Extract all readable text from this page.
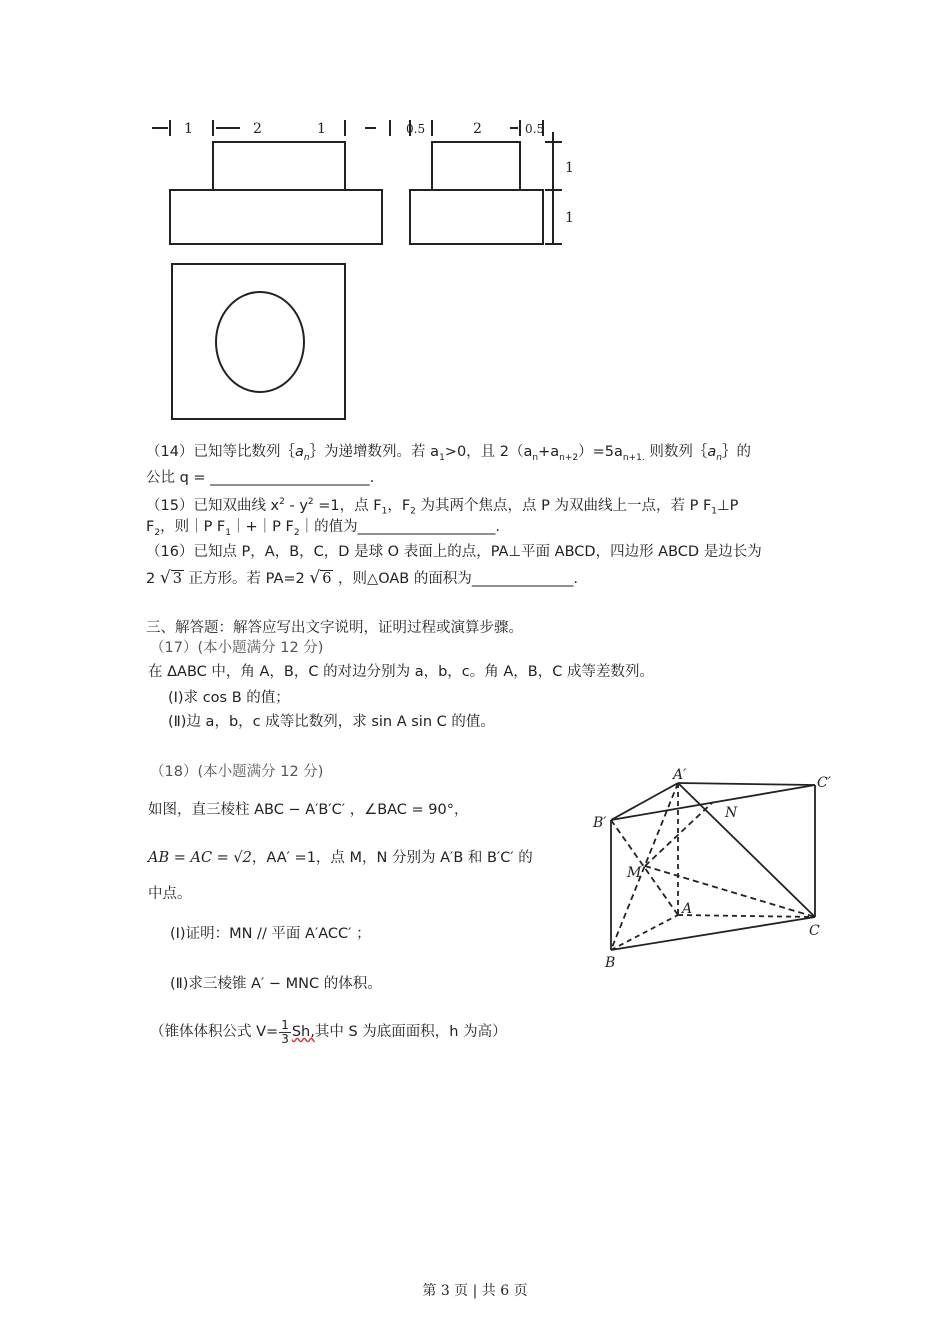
1	2	1	0.5	2	0.5
1
1
（14）已知等比数列$\{a_n\}$为递增数列。若 $a_1>0$，且 $2(a_n+a_{n+2})=5a_{n+1.}$ 则数列$\{a_n\}$的
公比 q = ______________________.
（15）已知双曲线 $x^2 - y^2 =1$，点 $F_1$，$F_2$ 为其两个焦点，点 P 为双曲线上一点，若 P $F_1\perp P$
$F_2$，则｜P $F_1|+|P$ $F_2|$的值为___________________.
（16）已知点 P，A，B，C，D 是球 O 表面上的点，PA⊥平面 ABCD，四边形 ABCD 是边长为
2 √ 3 正方形。若 PA=2 √ 6 ，则△OAB 的面积为______________.
三、解答题：解答应写出文字说明，证明过程或演算步骤。
（17）(本小题满分 12 分)
在 ΔABC 中，角 A，B，C 的对边分别为 a，b，c。角 A，B，C 成等差数列。
(Ⅰ)求 cos B 的值；
(Ⅱ)边 a，b，c 成等比数列，求 sin A sin C 的值。
（18）(本小题满分 12 分)
如图，直三棱柱 ABC − A′B′C′ ，∠BAC = 90°，
AB = AC = √2，AA′ =1，点 M，N 分别为 A′B 和 B′C′ 的
中点。
(Ⅰ)证明：MN // 平面 A′ACC′ ；
(Ⅱ)求三棱锥 A′ − MNC 的体积。
（锥体体积公式 $V= \frac{1}{3} Sh$,其中 S 为底面面积，h 为高）
A′	C′
B′
N
M
A
C
B
第 3 页 | 共 6 页
